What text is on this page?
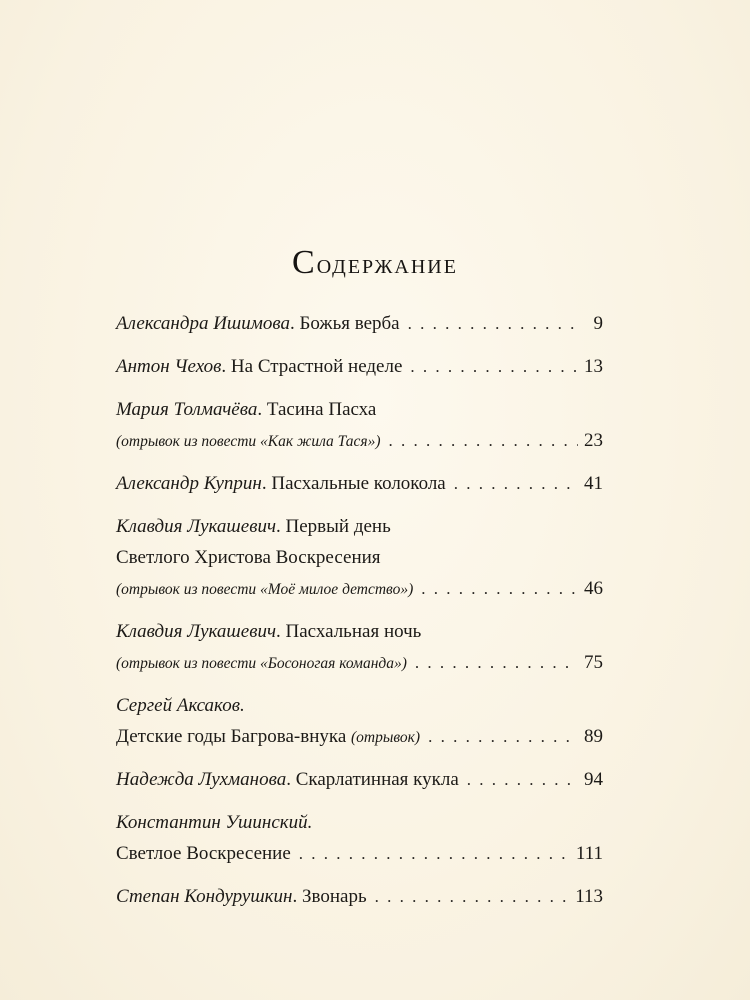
Содержание
Александра Ишимова . Божья верба . . .	9
Антон Чехов . На Страстной неделе . . .	13
Мария Толмачёва . Тасина Пасха
(отрывок из повести «Как жила Тася») . . .	23
Александр Куприн . Пасхальные колокола . . .	41
Клавдия Лукашевич . Первый день
Светлого Христова Воскресения
(отрывок из повести «Моё милое детство») . . .	46
Клавдия Лукашевич . Пасхальная ночь
(отрывок из повести «Босоногая команда») . . .	75
Сергей Аксаков.
Детские годы Багрова-внука
(отрывок) . . .	89
Надежда Лухманова . Скарлатинная кукла . . .	94
Константин Ушинский.
Светлое Воскресение . . .	111
Степан Кондурушкин . Звонарь . . .	113
